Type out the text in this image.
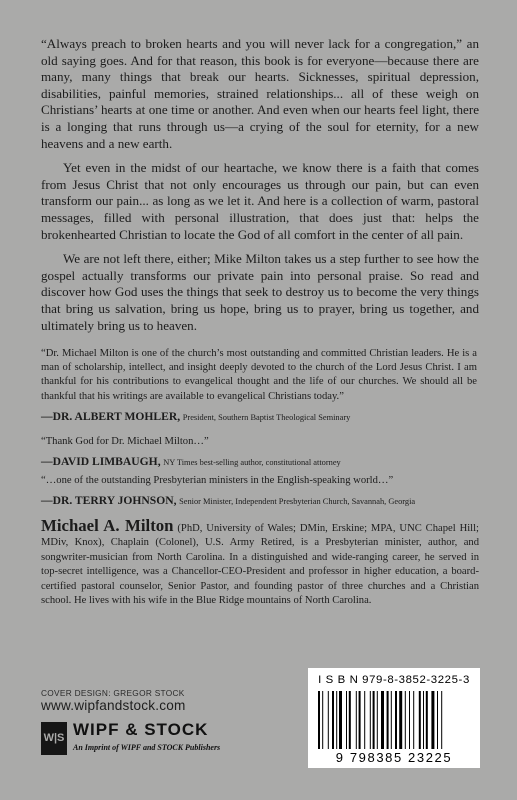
“Always preach to broken hearts and you will never lack for a congregation,” an old saying goes. And for that reason, this book is for everyone—because there are many, many things that break our hearts. Sicknesses, spiritual depression, disabilities, painful memories, strained relationships... all of these weigh on Christians’ hearts at one time or another. And even when our hearts feel light, there is a longing that runs through us—a crying of the soul for eternity, for a new heavens and a new earth.

Yet even in the midst of our heartache, we know there is a faith that comes from Jesus Christ that not only encourages us through our pain, but can even transform our pain... as long as we let it. And here is a collection of warm, pastoral messages, filled with personal illustration, that does just that: helps the brokenhearted Christian to locate the God of all comfort in the center of all pain.

We are not left there, either; Mike Milton takes us a step further to see how the gospel actually transforms our private pain into personal praise. So read and discover how God uses the things that seek to destroy us to become the very things that bring us salvation, bring us hope, bring us to prayer, bring us together, and ultimately bring us to heaven.

“Dr. Michael Milton is one of the church’s most outstanding and committed Christian leaders. He is a man of scholarship, intellect, and insight deeply devoted to the church of the Lord Jesus Christ. I am thankful for his contributions to evangelical thought and the life of our churches. We should all be thankful that his writings are available to evangelical Christians today.”

—DR. ALBERT MOHLER, President, Southern Baptist Theological Seminary

“Thank God for Dr. Michael Milton…”

—DAVID LIMBAUGH, NY Times best-selling author, constitutional attorney

“…one of the outstanding Presbyterian ministers in the English-speaking world…”

—DR. TERRY JOHNSON, Senior Minister, Independent Presbyterian Church, Savannah, Georgia

Michael A. Milton (PhD, University of Wales; DMin, Erskine; MPA, UNC Chapel Hill; MDiv, Knox), Chaplain (Colonel), U.S. Army Retired, is a Presbyterian minister, author, and songwriter-musician from North Carolina. In a distinguished and wide-ranging career, he served in top-secret intelligence, was a Chancellor-CEO-President and professor in higher education, a board-certified pastoral counselor, Senior Pastor, and founding pastor of three churches and a Christian school. He lives with his wife in the Blue Ridge mountains of North Carolina.
COVER DESIGN: GREGOR STOCK
www.wipfandstock.com
W|S WIPF & STOCK
An Imprint of WIPF and STOCK Publishers
I S B N 979-8-3852-3225-3
9 798385 23225
